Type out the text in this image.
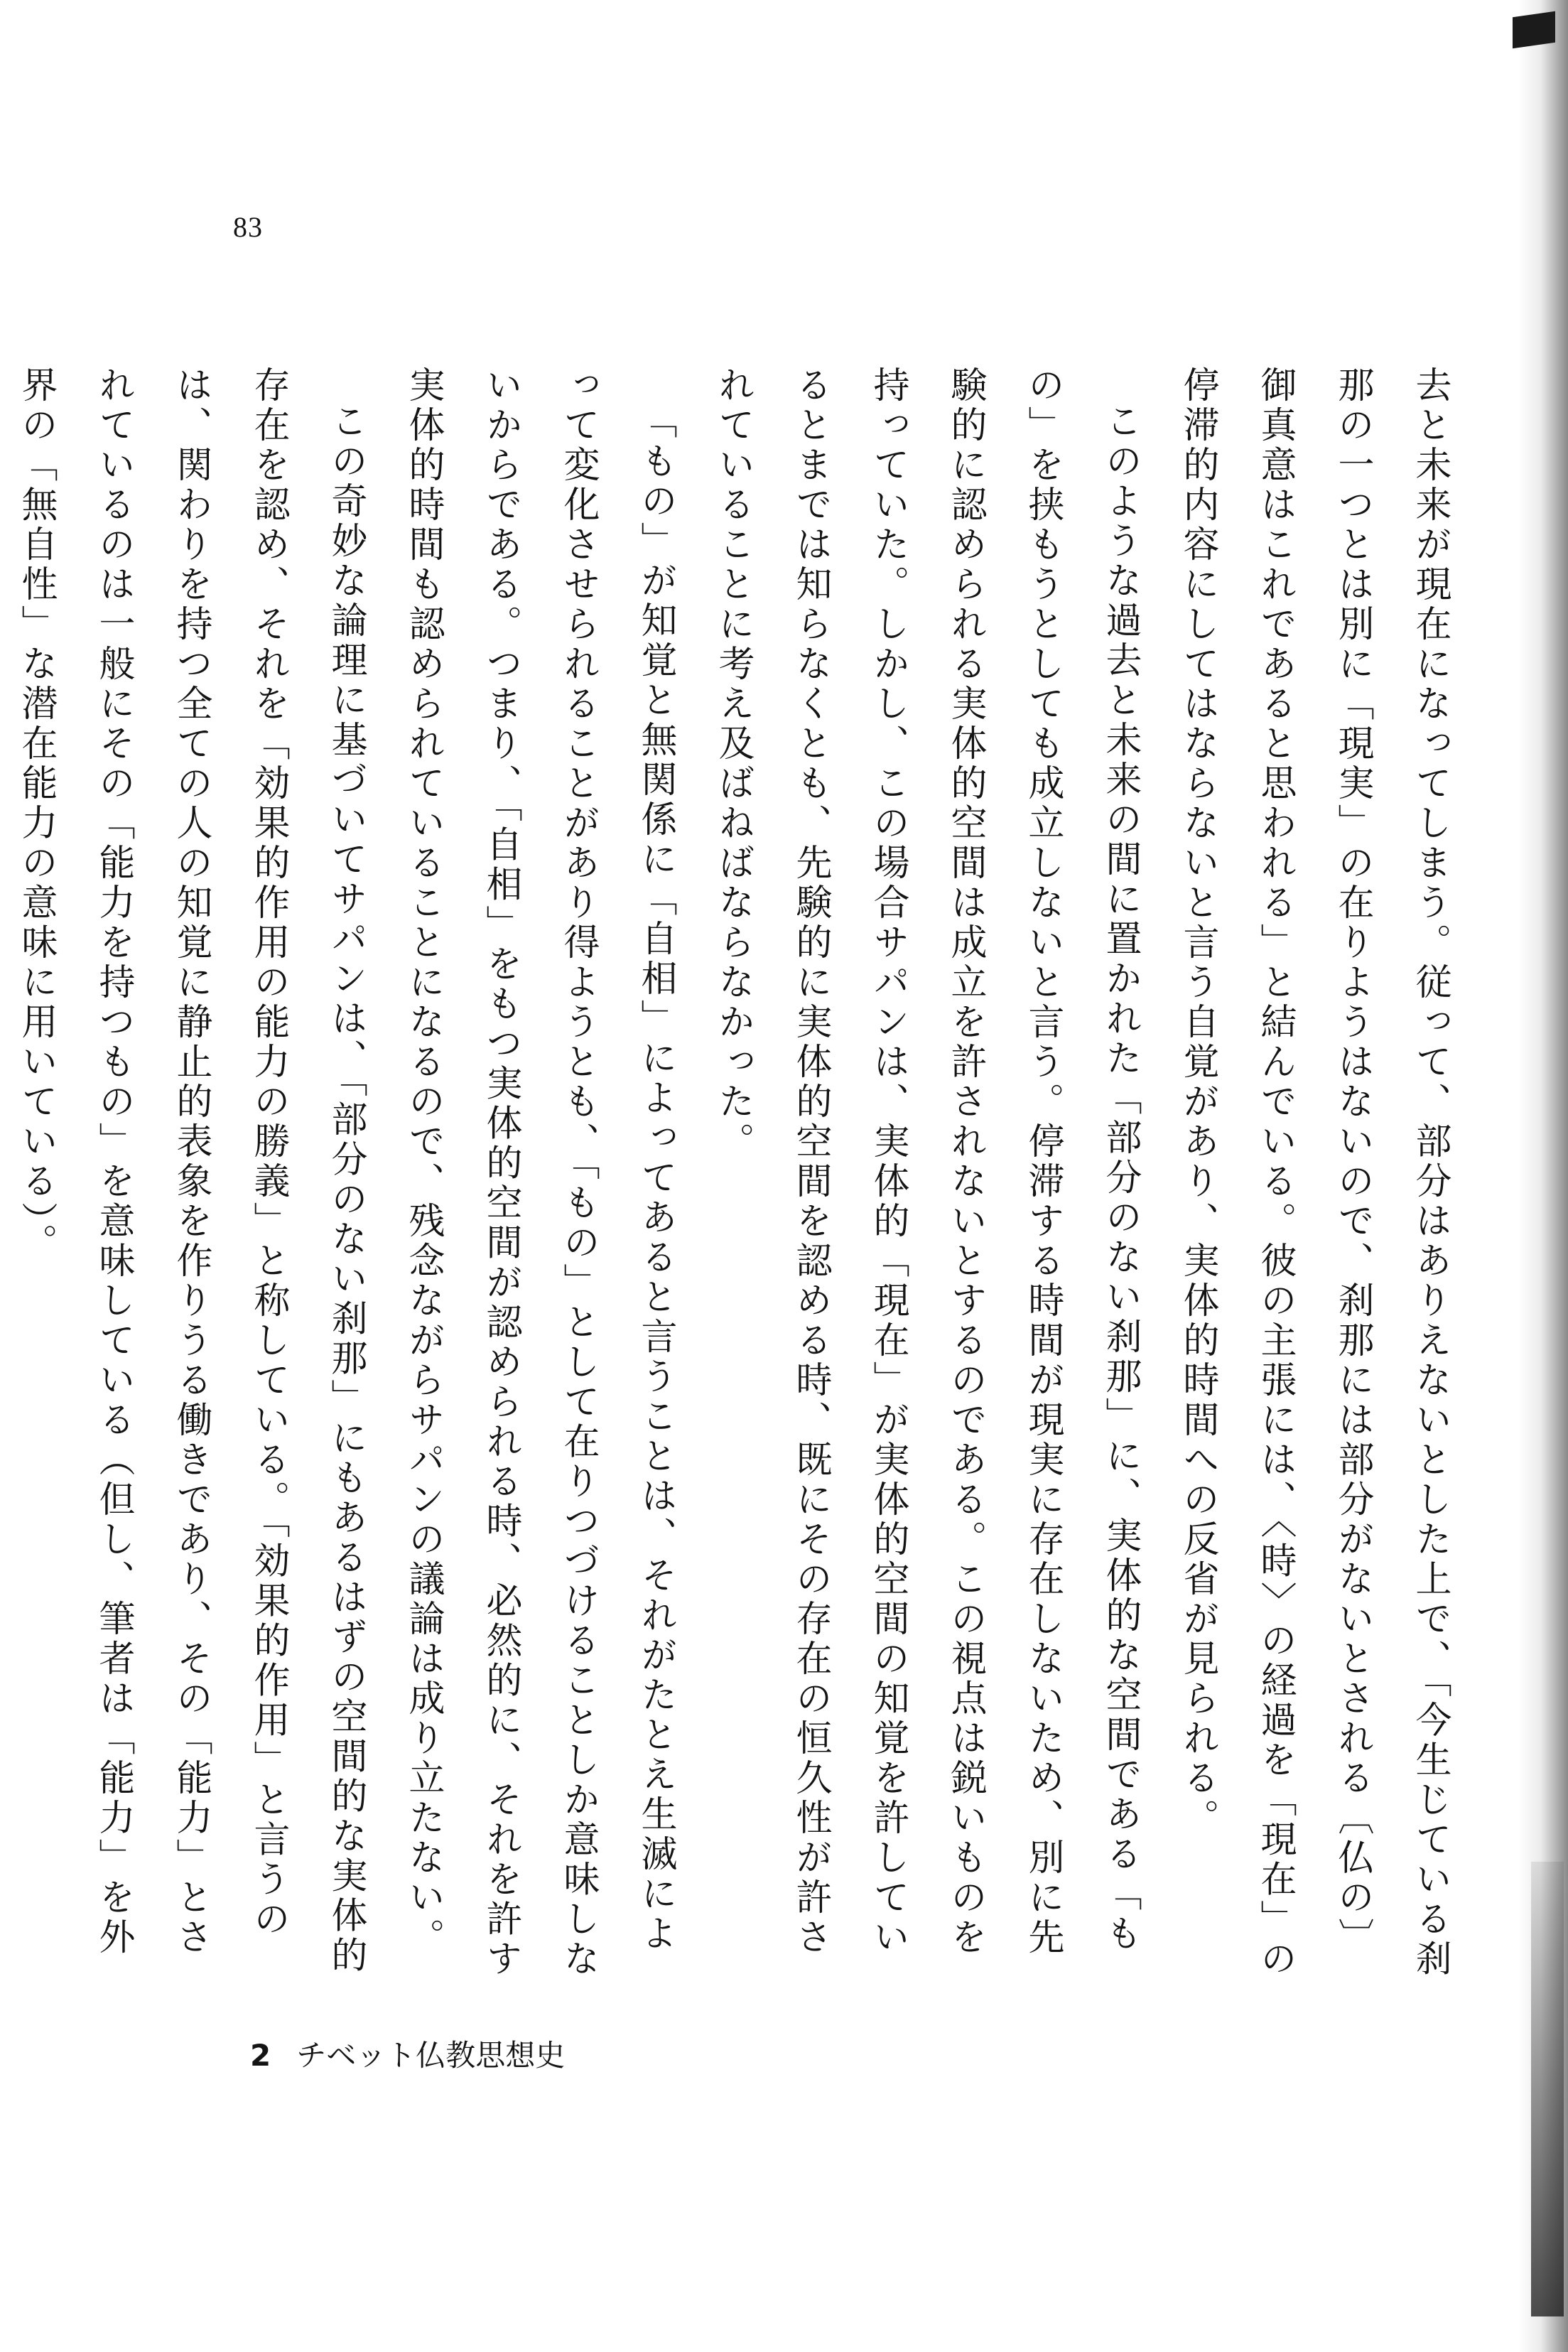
83

去と未来が現在になってしまう。従って、部分はありえないとした上で、「今生じている刹那の一つとは別に「現実」の在りようはないので、刹那には部分がないとされる〔仏の〕御真意はこれであると思われる」と結んでいる。彼の主張には、〈時〉の経過を「現在」の停滞的内容にしてはならないと言う自覚があり、実体的時間への反省が見られる。

このような過去と未来の間に置かれた「部分のない刹那」に、実体的な空間である「もの」を挟もうとしても成立しないと言う。停滞する時間が現実に存在しないため、別に先験的に認められる実体的空間は成立を許されないとするのである。この視点は鋭いものを持っていた。しかし、この場合サパンは、実体的「現在」が実体的空間の知覚を許しているとまでは知らなくとも、先験的に実体的空間を認める時、既にその存在の恒久性が許されていることに考え及ばねばならなかった。

「もの」が知覚と無関係に「自相」によってあると言うことは、それがたとえ生滅によって変化させられることがあり得ようとも、「もの」として在りつづけることしか意味しないからである。つまり、「自相」をもつ実体的空間が認められる時、必然的に、それを許す実体的時間も認められていることになるので、残念ながらサパンの議論は成り立たない。

この奇妙な論理に基づいてサパンは、「部分のない刹那」にもあるはずの空間的な実体的存在を認め、それを「効果的作用の能力の勝義」と称している。「効果的作用」と言うのは、関わりを持つ全ての人の知覚に静止的表象を作りうる働きであり、その「能力」とされているのは一般にその「能力を持つもの」を意味している（但し、筆者は「能力」を外界の「無自性」な潜在能力の意味に用いている）。

2 チベット仏教思想史
